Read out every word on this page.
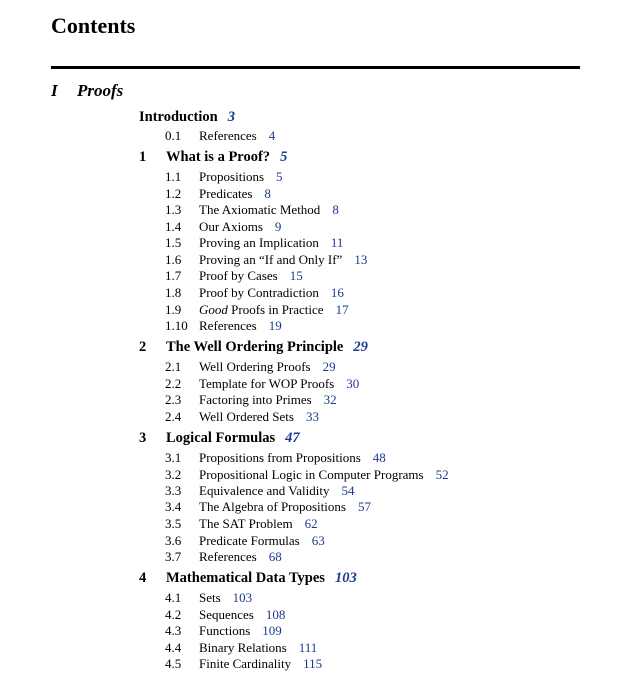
Contents
I Proofs
Introduction 3
0.1 References 4
1 What is a Proof? 5
1.1 Propositions 5
1.2 Predicates 8
1.3 The Axiomatic Method 8
1.4 Our Axioms 9
1.5 Proving an Implication 11
1.6 Proving an “If and Only If” 13
1.7 Proof by Cases 15
1.8 Proof by Contradiction 16
1.9 Good Proofs in Practice 17
1.10 References 19
2 The Well Ordering Principle 29
2.1 Well Ordering Proofs 29
2.2 Template for WOP Proofs 30
2.3 Factoring into Primes 32
2.4 Well Ordered Sets 33
3 Logical Formulas 47
3.1 Propositions from Propositions 48
3.2 Propositional Logic in Computer Programs 52
3.3 Equivalence and Validity 54
3.4 The Algebra of Propositions 57
3.5 The SAT Problem 62
3.6 Predicate Formulas 63
3.7 References 68
4 Mathematical Data Types 103
4.1 Sets 103
4.2 Sequences 108
4.3 Functions 109
4.4 Binary Relations 111
4.5 Finite Cardinality 115
